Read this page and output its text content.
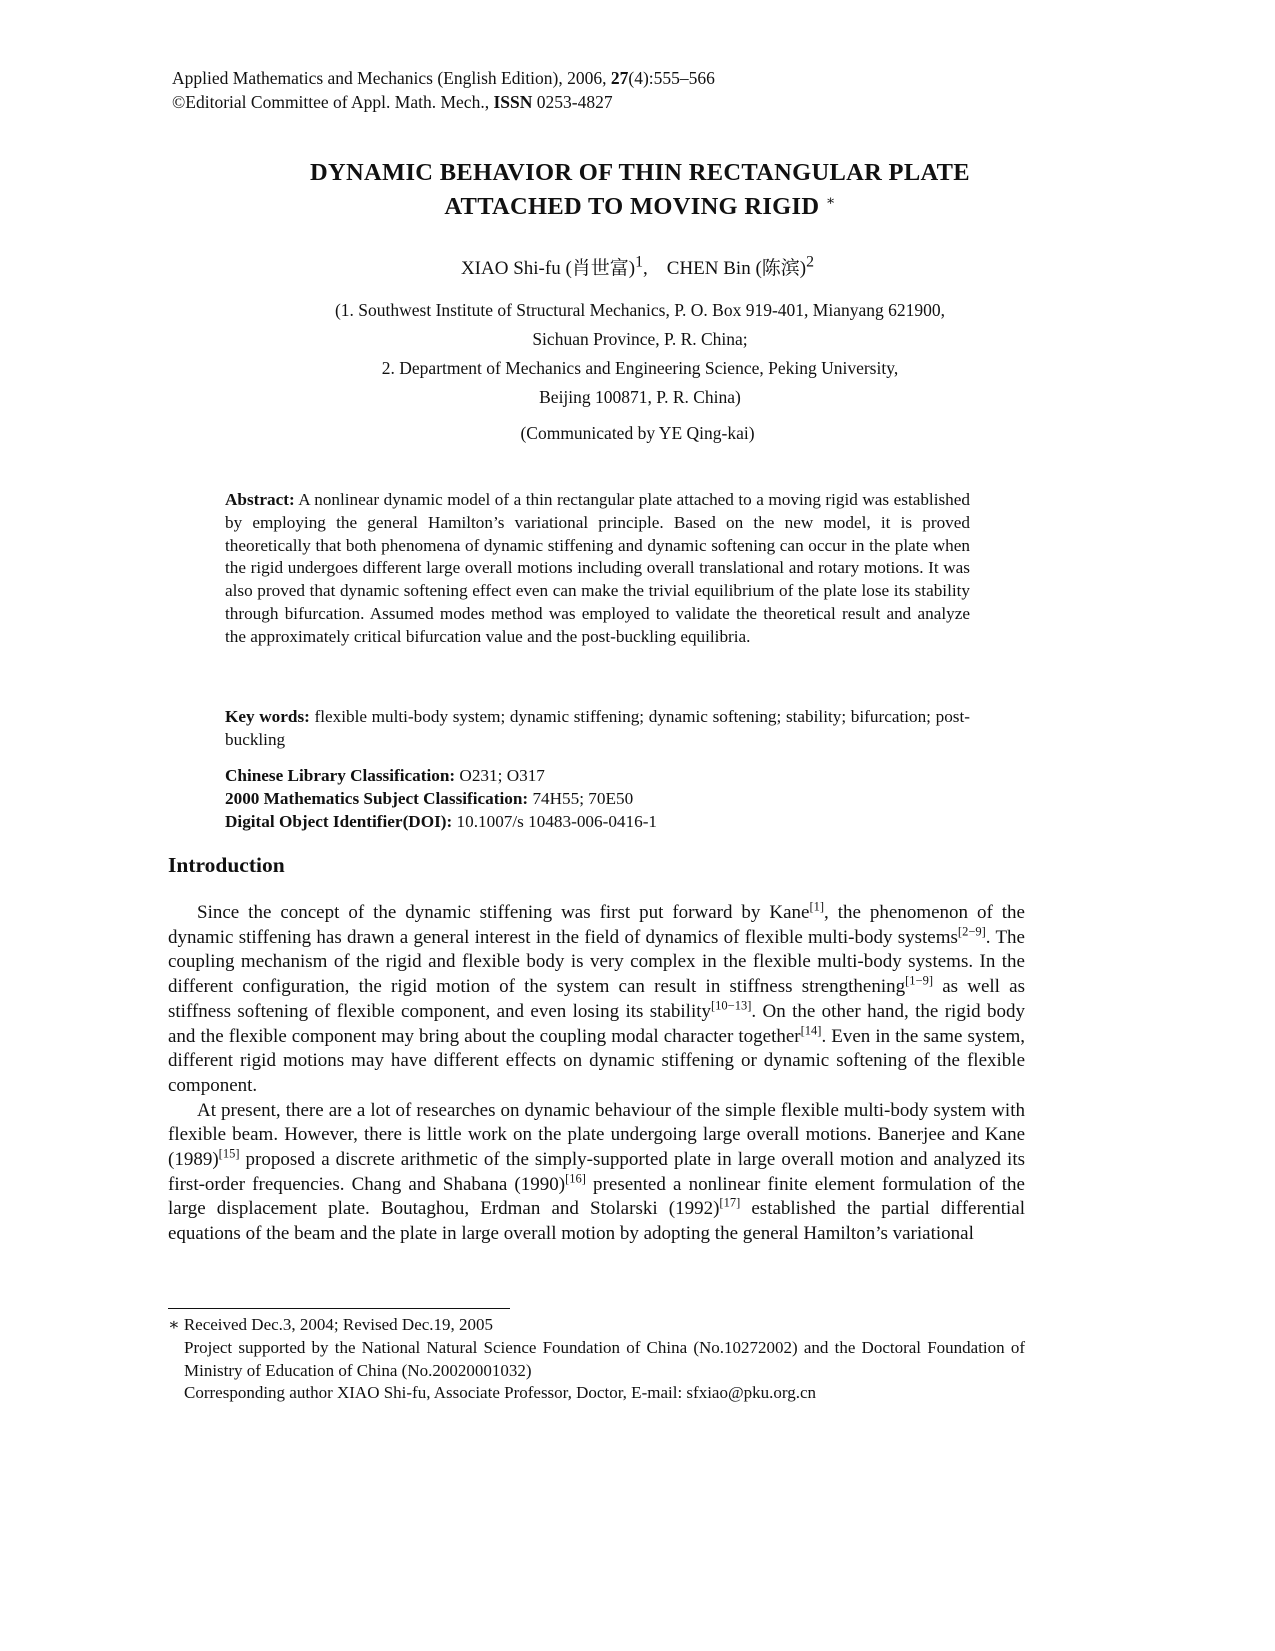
Applied Mathematics and Mechanics (English Edition), 2006, 27(4):555–566
©Editorial Committee of Appl. Math. Mech., ISSN 0253-4827
DYNAMIC BEHAVIOR OF THIN RECTANGULAR PLATE
ATTACHED TO MOVING RIGID ∗
XIAO Shi-fu (肖世富)$^1$,    CHEN Bin (陈滨)$^2$
(1. Southwest Institute of Structural Mechanics, P. O. Box 919-401, Mianyang 621900,
Sichuan Province, P. R. China;
2. Department of Mechanics and Engineering Science, Peking University,
Beijing 100871, P. R. China)
(Communicated by YE Qing-kai)
Abstract: A nonlinear dynamic model of a thin rectangular plate attached to a moving rigid was established by employing the general Hamilton’s variational principle. Based on the new model, it is proved theoretically that both phenomena of dynamic stiffening and dynamic softening can occur in the plate when the rigid undergoes different large overall motions including overall translational and rotary motions. It was also proved that dynamic softening effect even can make the trivial equilibrium of the plate lose its stability through bifurcation. Assumed modes method was employed to validate the theoretical result and analyze the approximately critical bifurcation value and the post-buckling equilibria.
Key words: flexible multi-body system; dynamic stiffening; dynamic softening; stability; bifurcation; post-buckling
Chinese Library Classification: O231; O317
2000 Mathematics Subject Classification: 74H55; 70E50
Digital Object Identifier(DOI): 10.1007/s 10483-006-0416-1
Introduction

Since the concept of the dynamic stiffening was first put forward by Kane[1], the phenomenon of the dynamic stiffening has drawn a general interest in the field of dynamics of flexible multi-body systems[2−9]. The coupling mechanism of the rigid and flexible body is very complex in the flexible multi-body systems. In the different configuration, the rigid motion of the system can result in stiffness strengthening[1−9] as well as stiffness softening of flexible component, and even losing its stability[10−13]. On the other hand, the rigid body and the flexible component may bring about the coupling modal character together[14]. Even in the same system, different rigid motions may have different effects on dynamic stiffening or dynamic softening of the flexible component.

At present, there are a lot of researches on dynamic behaviour of the simple flexible multi-body system with flexible beam. However, there is little work on the plate undergoing large overall motions. Banerjee and Kane (1989)[15] proposed a discrete arithmetic of the simply-supported plate in large overall motion and analyzed its first-order frequencies. Chang and Shabana (1990)[16] presented a nonlinear finite element formulation of the large displacement plate. Boutaghou, Erdman and Stolarski (1992)[17] established the partial differential equations of the beam and the plate in large overall motion by adopting the general Hamilton’s variational

∗ Received Dec.3, 2004; Revised Dec.19, 2005
Project supported by the National Natural Science Foundation of China (No.10272002) and the Doctoral Foundation of Ministry of Education of China (No.20020001032)
Corresponding author XIAO Shi-fu, Associate Professor, Doctor, E-mail: sfxiao@pku.org.cn
